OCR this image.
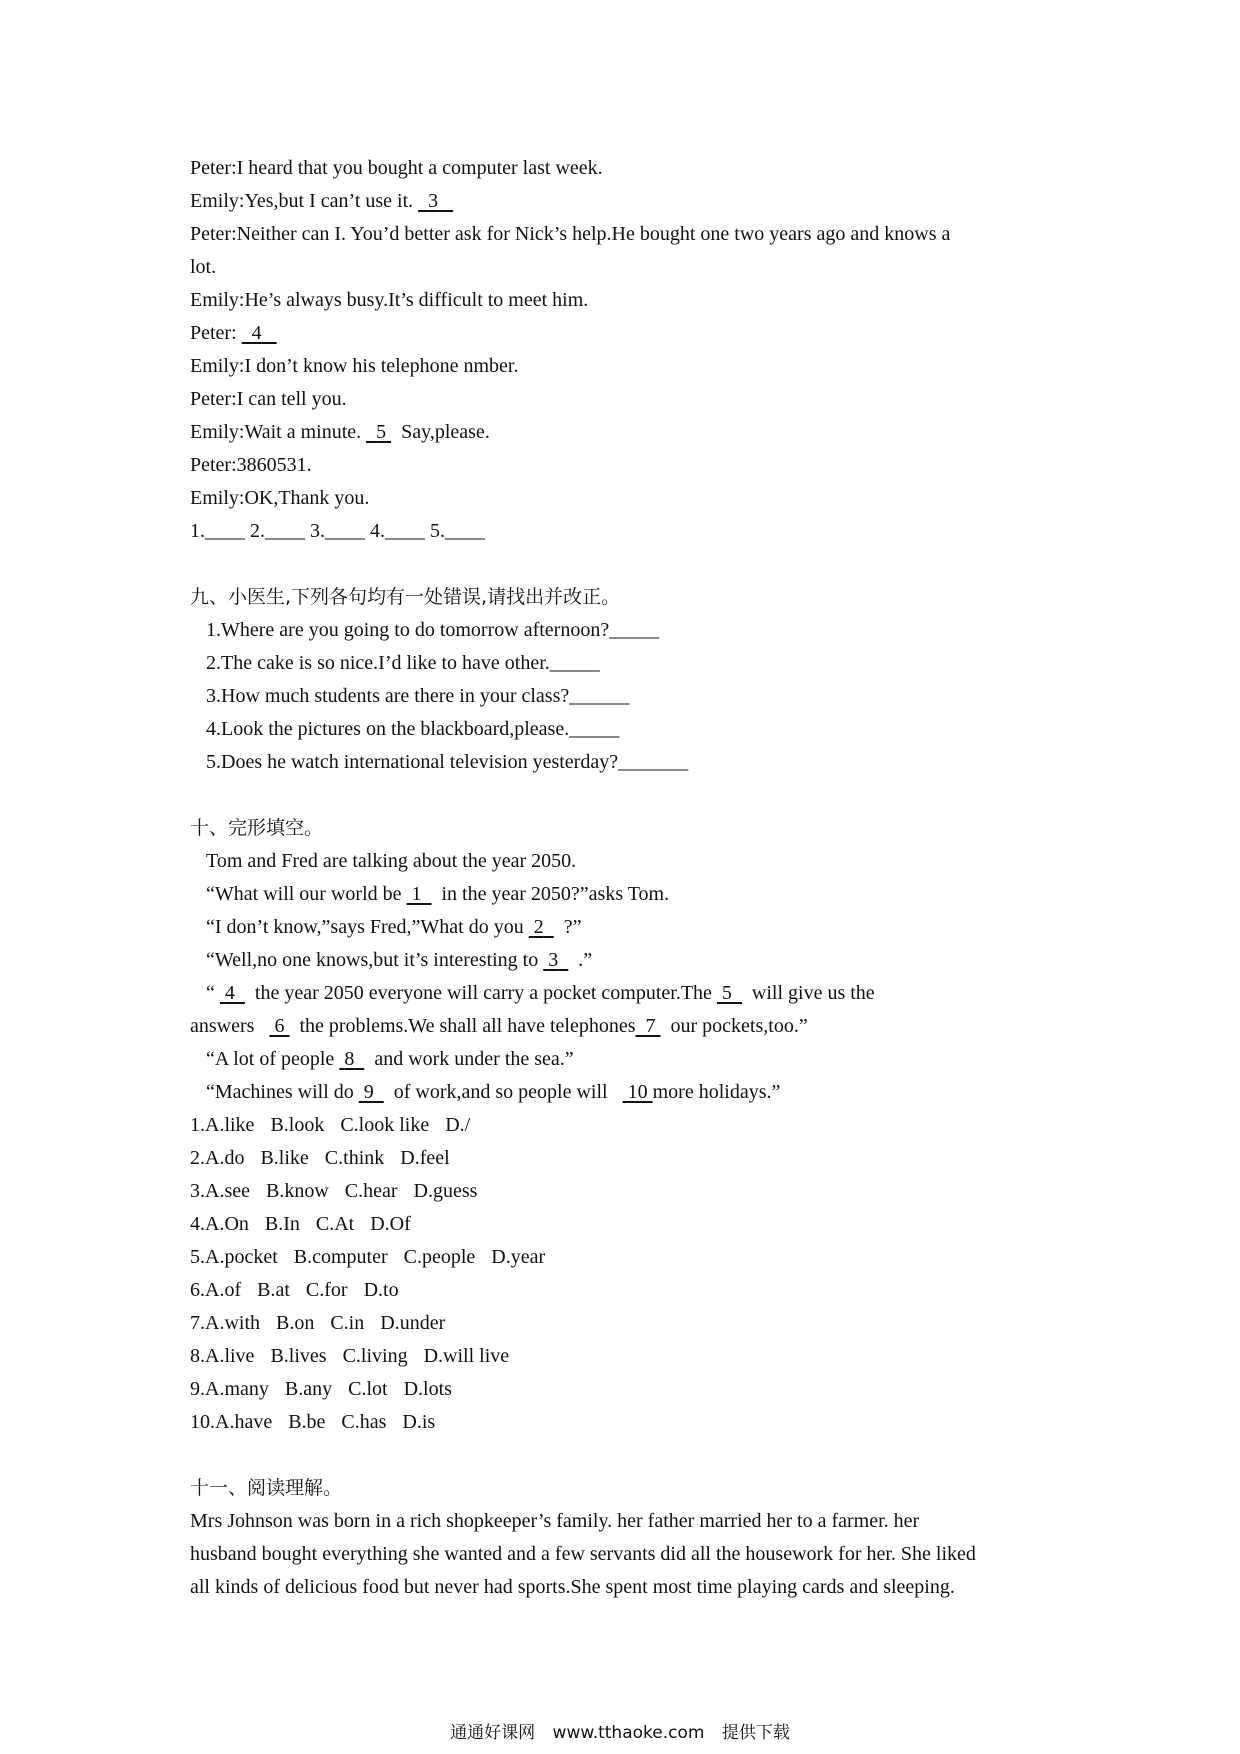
Peter:I heard that you bought a computer last week.
Emily:Yes,but I can’t use it. 3
Peter:Neither can I. You’d better ask for Nick’s help.He bought one two years ago and knows a
lot.
Emily:He’s always busy.It’s difficult to meet him.
Peter: 4
Emily:I don’t know his telephone nmber.
Peter:I can tell you.
Emily:Wait a minute. 5 Say,please.
Peter:3860531.
Emily:OK,Thank you.
1.____ 2.____ 3.____ 4.____ 5.____
九、小医生,下列各句均有一处错误,请找出并改正。
1.Where are you going to do tomorrow afternoon?_____
2.The cake is so nice.I’d like to have other._____
3.How much students are there in your class?______
4.Look the pictures on the blackboard,please._____
5.Does he watch international television yesterday?_______
十、完形填空。
Tom and Fred are talking about the year 2050.
“What will our world be 1 in the year 2050?”asks Tom.
“I don’t know,”says Fred,”What do you 2 ?”
“Well,no one knows,but it’s interesting to 3 .”
“ 4 the year 2050 everyone will carry a pocket computer.The 5 will give us the
answers 6 the problems.We shall all have telephones 7 our pockets,too.”
“A lot of people 8 and work under the sea.”
“Machines will do 9 of work,and so people will 10 more holidays.”
1.A.like B.look C.look like D./
2.A.do B.like C.think D.feel
3.A.see B.know C.hear D.guess
4.A.On B.In C.At D.Of
5.A.pocket B.computer C.people D.year
6.A.of B.at C.for D.to
7.A.with B.on C.in D.under
8.A.live B.lives C.living D.will live
9.A.many B.any C.lot D.lots
10.A.have B.be C.has D.is
十一、阅读理解。
Mrs Johnson was born in a rich shopkeeper’s family. her father married her to a farmer. her
husband bought everything she wanted and a few servants did all the housework for her. She liked
all kinds of delicious food but never had sports.She spent most time playing cards and sleeping.
通通好课网 www.tthaoke.com 提供下载
